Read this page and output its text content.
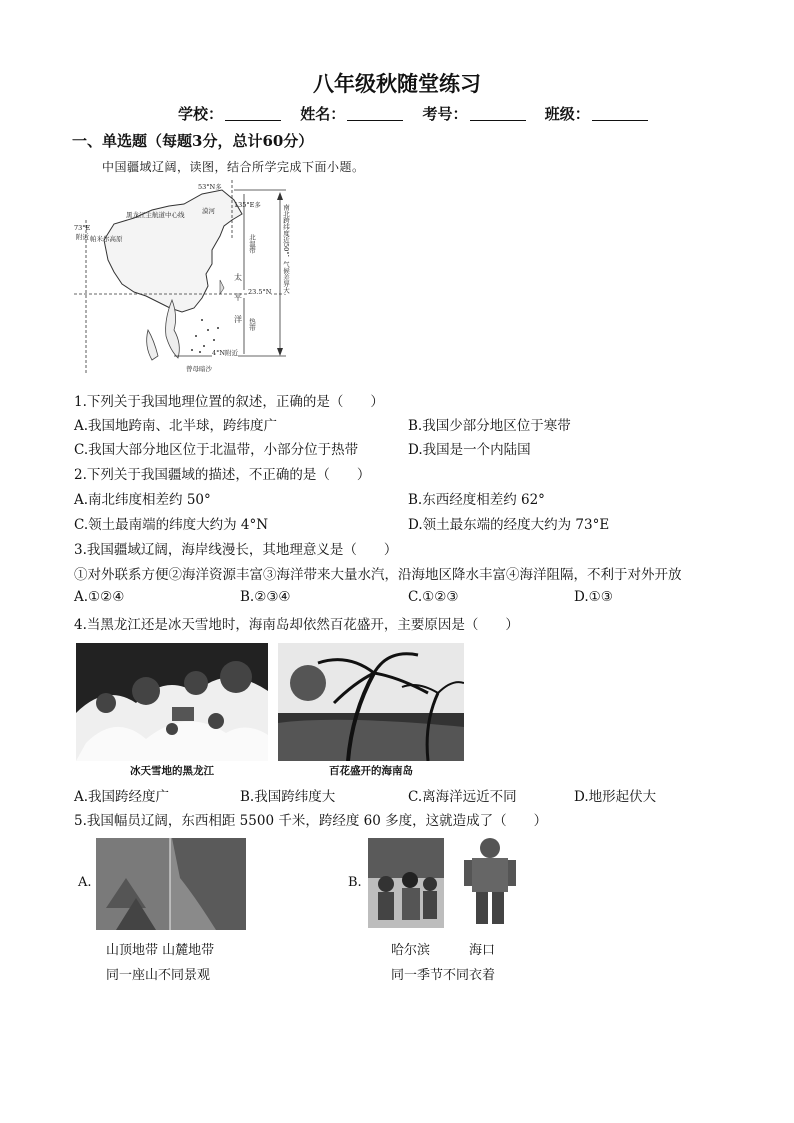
八年级秋随堂练习
学校：	姓名：	考号：	班级：
一、单选题（每题3分，总计60分）
中国疆域辽阔，读图，结合所学完成下面小题。
53°N多
135°E多
黑龙江主航道中心线	漠河
73°E
附近 帕米尔高原
太
平
洋
23.5°N
4°N附近
曾母暗沙
北温带
热带
南北跨纬度近50°，气候差异大
1.下列关于我国地理位置的叙述，正确的是（　　）
A.我国地跨南、北半球，跨纬度广	B.我国少部分地区位于寒带
C.我国大部分地区位于北温带，小部分位于热带	D.我国是一个内陆国
2.下列关于我国疆域的描述，不正确的是（　　）
A.南北纬度相差约 50°	B.东西经度相差约 62°
C.领土最南端的纬度大约为 4°N	D.领土最东端的经度大约为 73°E
3.我国疆域辽阔，海岸线漫长，其地理意义是（　　）
①对外联系方便②海洋资源丰富③海洋带来大量水汽，沿海地区降水丰富④海洋阻隔，不利于对外开放
A.①②④	B.②③④	C.①②③	D.①③
4.当黑龙江还是冰天雪地时，海南岛却依然百花盛开，主要原因是（　　）
冰天雪地的黑龙江	百花盛开的海南岛
A.我国跨经度广	B.我国跨纬度大	C.离海洋远近不同	D.地形起伏大
5.我国幅员辽阔，东西相距 5500 千米，跨经度 60 多度，这就造成了（　　）
A.
山顶地带 山麓地带
同一座山不同景观
B.
哈尔滨　　　海口
同一季节不同衣着
